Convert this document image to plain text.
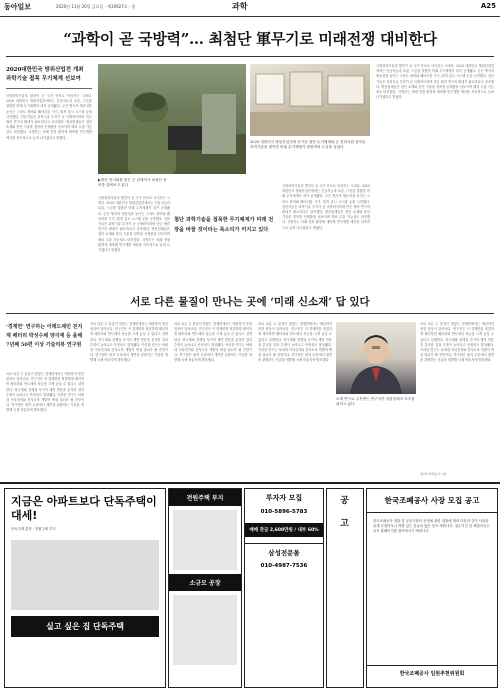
동아일보	2020년 11월 20일 금요일 · 제30927호 · 종	과학	A25
“과학이 곧 국방력”… 최첨단 軍무기로 미래전쟁 대비한다
2020대한민국 방위산업전 개최
과학기술 접목 무기체계 선보여
국방과학기술의 발전이 곧 국가 안보로 이어지는 시대다. 2020 대한민국 방위산업전에서는 인공지능과 로봇, 드론을 결합한 미래 무기체계가 대거 공개됐다. 군은 병사의 생존성을 높이는 스마트 장비와 웨어러블 기기, 원격 감시 시스템 등을 시연했다. 전문가들은 과학기술 투자가 곧 국방력이라며 민군 협력 연구의 확대가 필요하다고 강조했다. 방산업체들은 첨단 소재와 통신 기술을 접목한 신제품을 선보이며 해외 수출 가능성도 타진했다. 국방부는 미래 전장 환경에 대비해 연구개발 예산을 지속적으로 늘려 나가겠다고 밝혔다.
2020 대한민국 방위산업전에 전시된 첨단 무기체계와 군 전력지원 물자들. 과학기술을 접목한 미래 무기체계가 관람객의 눈길을 끌었다.
▶방산 전시회를 찾은 군 관계자가 최첨단 장비를 살펴보고 있다.
국방과학기술의 발전이 곧 국가 안보로 이어지는 시대다. 2020 대한민국 방위산업전에서는 인공지능과 로봇, 드론을 결합한 미래 무기체계가 대거 공개됐다. 군은 병사의 생존성을 높이는 스마트 장비와 웨어러블 기기, 원격 감시 시스템 등을 시연했다. 전문가들은 과학기술 투자가 곧 국방력이라며 민군 협력 연구의 확대가 필요하다고 강조했다. 방산업체들은 첨단 소재와 통신 기술을 접목한 신제품을 선보이며 해외 수출 가능성도 타진했다. 국방부는 미래 전장 환경에 대비해 연구개발 예산을 지속적으로 늘려 나가겠다고 밝혔다.
첨단 과학기술을 접목한 무기체계가 미래 전장을 바꿀 것이라는 목소리가 커지고 있다
국방과학기술의 발전이 곧 국가 안보로 이어지는 시대다. 2020 대한민국 방위산업전에서는 인공지능과 로봇, 드론을 결합한 미래 무기체계가 대거 공개됐다. 군은 병사의 생존성을 높이는 스마트 장비와 웨어러블 기기, 원격 감시 시스템 등을 시연했다. 전문가들은 과학기술 투자가 곧 국방력이라며 민군 협력 연구의 확대가 필요하다고 강조했다. 방산업체들은 첨단 소재와 통신 기술을 접목한 신제품을 선보이며 해외 수출 가능성도 타진했다. 국방부는 미래 전장 환경에 대비해 연구개발 예산을 지속적으로 늘려 나가겠다고 밝혔다.
국방과학기술의 발전이 곧 국가 안보로 이어지는 시대다. 2020 대한민국 방위산업전에서는 인공지능과 로봇, 드론을 결합한 미래 무기체계가 대거 공개됐다. 군은 병사의 생존성을 높이는 스마트 장비와 웨어러블 기기, 원격 감시 시스템 등을 시연했다. 전문가들은 과학기술 투자가 곧 국방력이라며 민군 협력 연구의 확대가 필요하다고 강조했다. 방산업체들은 첨단 소재와 통신 기술을 접목한 신제품을 선보이며 해외 수출 가능성도 타진했다. 국방부는 미래 전장 환경에 대비해 연구개발 예산을 지속적으로 늘려 나가겠다고 밝혔다.
서로 다른 물질이 만나는 곳에 ‘미래 신소재’ 답 있다
‘경계면’ 연구하는 이레드제민 전지재 배터리 박성수체 양극재 등 올해 7년째 50편 이상 기술리뷰 연구원
서로 다른 두 물질이 맞닿는 경계면에서는 예상하지 못한 현상이 일어난다. 연구진은 이 경계면을 정밀하게 제어하면 배터리와 반도체의 성능을 크게 높일 수 있다고 설명한다. 양극재와 전해질 사이의 계면 반응을 분석한 결과 수명이 늘어나고 안정성도 향상됐다. 이러한 연구는 차세대 이차전지와 전자소자 개발의 핵심 열쇠가 될 전망이다. 연구팀은 원자 수준에서 계면을 관찰하는 기술을 개발해 국제 학술지에 발표했다.
서로 다른 두 물질이 맞닿는 경계면에서는 예상하지 못한 현상이 일어난다. 연구진은 이 경계면을 정밀하게 제어하면 배터리와 반도체의 성능을 크게 높일 수 있다고 설명한다. 양극재와 전해질 사이의 계면 반응을 분석한 결과 수명이 늘어나고 안정성도 향상됐다. 이러한 연구는 차세대 이차전지와 전자소자 개발의 핵심 열쇠가 될 전망이다. 연구팀은 원자 수준에서 계면을 관찰하는 기술을 개발해 국제 학술지에 발표했다.
서로 다른 두 물질이 맞닿는 경계면에서는 예상하지 못한 현상이 일어난다. 연구진은 이 경계면을 정밀하게 제어하면 배터리와 반도체의 성능을 크게 높일 수 있다고 설명한다. 양극재와 전해질 사이의 계면 반응을 분석한 결과 수명이 늘어나고 안정성도 향상됐다. 이러한 연구는 차세대 이차전지와 전자소자 개발의 핵심 열쇠가 될 전망이다. 연구팀은 원자 수준에서 계면을 관찰하는 기술을 개발해 국제 학술지에 발표했다.
서로 다른 두 물질이 맞닿는 경계면에서는 예상하지 못한 현상이 일어난다. 연구진은 이 경계면을 정밀하게 제어하면 배터리와 반도체의 성능을 크게 높일 수 있다고 설명한다. 양극재와 전해질 사이의 계면 반응을 분석한 결과 수명이 늘어나고 안정성도 향상됐다. 이러한 연구는 차세대 이차전지와 전자소자 개발의 핵심 열쇠가 될 전망이다. 연구팀은 원자 수준에서 계면을 관찰하는 기술을 개발해 국제 학술지에 발표했다.
소재 연구로 주목받는 연구자가 실험실에서 포즈를 취하고 있다.
서로 다른 두 물질이 맞닿는 경계면에서는 예상하지 못한 현상이 일어난다. 연구진은 이 경계면을 정밀하게 제어하면 배터리와 반도체의 성능을 크게 높일 수 있다고 설명한다. 양극재와 전해질 사이의 계면 반응을 분석한 결과 수명이 늘어나고 안정성도 향상됐다. 이러한 연구는 차세대 이차전지와 전자소자 개발의 핵심 열쇠가 될 전망이다. 연구팀은 원자 수준에서 계면을 관찰하는 기술을 개발해 국제 학술지에 발표했다.
정리=과학동아 기자
지금은 아파트보다 단독주택이 대세!
단독주택 분양 · 전원주택 부지
실고 싶은 집 단독주택
전원주택 부지
소규모 공장
투자자 모집
010-5896-5783
매매 잔금 2,600만원 / 내부 60%
삼성전문몰
010-4987-7536
공 고	한국조폐공사 사장 모집 공고
한국조폐공사 정관 및 공공기관의 운영에 관한 법률에 따라 다음과 같이 사장을 공개 모집하오니 역량 있는 분들의 많은 응모 바랍니다. 접수기간 및 제출서류는 공사 홈페이지를 참조하시기 바랍니다.
한국조폐공사 임원추천위원회
